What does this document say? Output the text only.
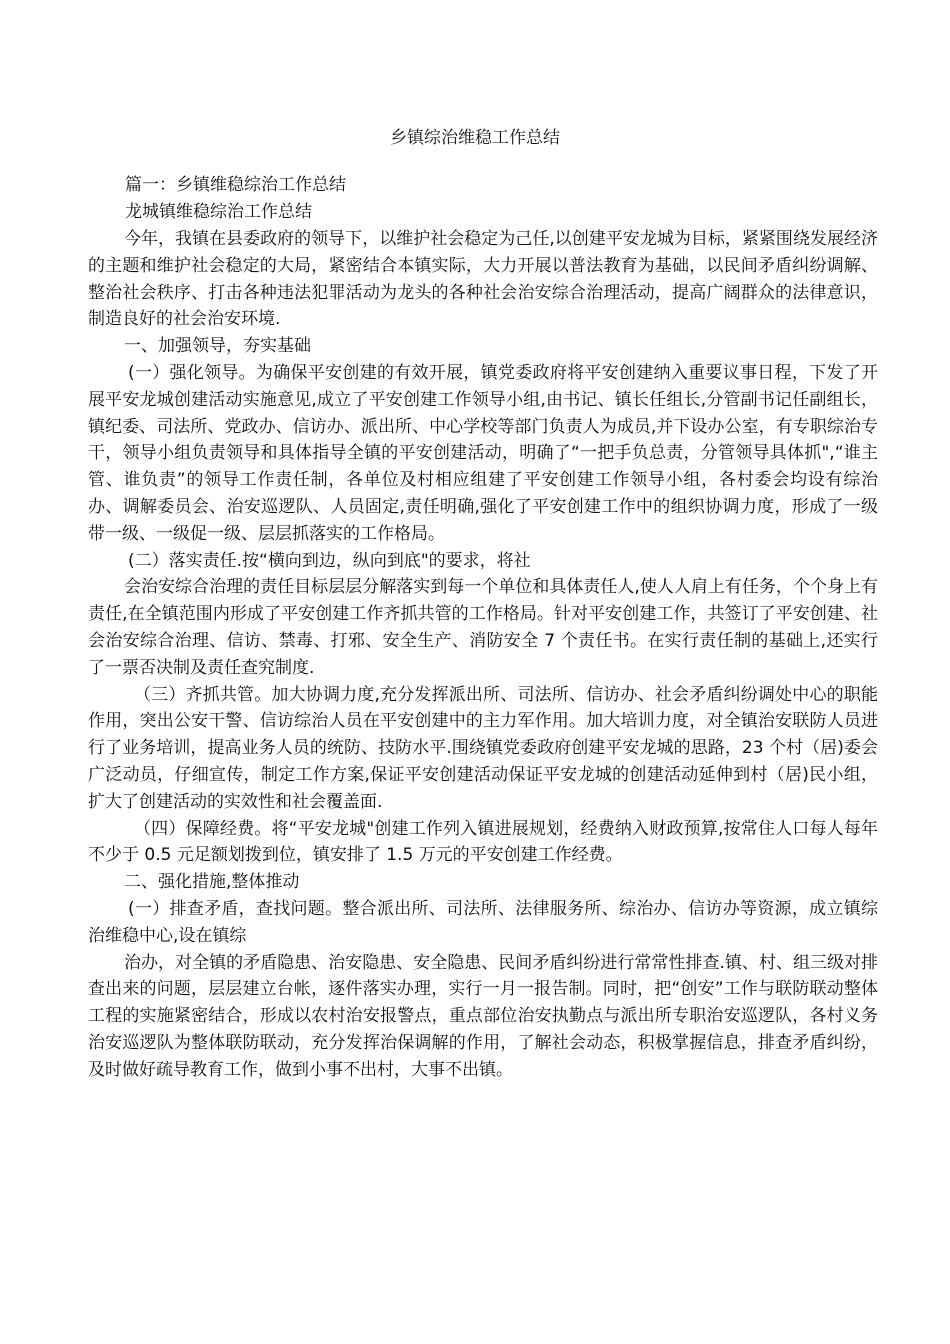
乡镇综治维稳工作总结
篇一：乡镇维稳综治工作总结
龙城镇维稳综治工作总结

今年，我镇在县委政府的领导下，以维护社会稳定为己任,以创建平安龙城为目标，紧紧围绕发展经济的主题和维护社会稳定的大局，紧密结合本镇实际，大力开展以普法教育为基础，以民间矛盾纠纷调解、整治社会秩序、打击各种违法犯罪活动为龙头的各种社会治安综合治理活动，提高广阔群众的法律意识，制造良好的社会治安环境.

一、加强领导，夯实基础

(一）强化领导。为确保平安创建的有效开展，镇党委政府将平安创建纳入重要议事日程，下发了开展平安龙城创建活动实施意见,成立了平安创建工作领导小组,由书记、镇长任组长,分管副书记任副组长，镇纪委、司法所、党政办、信访办、派出所、中心学校等部门负责人为成员,并下设办公室，有专职综治专干，领导小组负责领导和具体指导全镇的平安创建活动，明确了“一把手负总责，分管领导具体抓",“谁主管、谁负责”的领导工作责任制，各单位及村相应组建了平安创建工作领导小组，各村委会均设有综治办、调解委员会、治安巡逻队、人员固定,责任明确,强化了平安创建工作中的组织协调力度，形成了一级带一级、一级促一级、层层抓落实的工作格局。

(二）落实责任.按“横向到边，纵向到底"的要求，将社

会治安综合治理的责任目标层层分解落实到每一个单位和具体责任人,使人人肩上有任务，个个身上有责任,在全镇范围内形成了平安创建工作齐抓共管的工作格局。针对平安创建工作，共签订了平安创建、社会治安综合治理、信访、禁毒、打邪、安全生产、消防安全 7 个责任书。在实行责任制的基础上,还实行了一票否决制及责任查究制度.

（三）齐抓共管。加大协调力度,充分发挥派出所、司法所、信访办、社会矛盾纠纷调处中心的职能作用，突出公安干警、信访综治人员在平安创建中的主力军作用。加大培训力度，对全镇治安联防人员进行了业务培训，提高业务人员的统防、技防水平.围绕镇党委政府创建平安龙城的思路，23 个村（居)委会广泛动员，仔细宣传，制定工作方案,保证平安创建活动保证平安龙城的创建活动延伸到村（居)民小组，扩大了创建活动的实效性和社会覆盖面.

（四）保障经费。将“平安龙城"创建工作列入镇进展规划，经费纳入财政预算,按常住人口每人每年不少于 0.5 元足额划拨到位，镇安排了 1.5 万元的平安创建工作经费。

二、强化措施,整体推动

(一）排查矛盾，查找问题。整合派出所、司法所、法律服务所、综治办、信访办等资源，成立镇综治维稳中心,设在镇综

治办，对全镇的矛盾隐患、治安隐患、安全隐患、民间矛盾纠纷进行常常性排查.镇、村、组三级对排查出来的问题，层层建立台帐，逐件落实办理，实行一月一报告制。同时，把“创安”工作与联防联动整体工程的实施紧密结合，形成以农村治安报警点，重点部位治安执勤点与派出所专职治安巡逻队，各村义务治安巡逻队为整体联防联动，充分发挥治保调解的作用，了解社会动态，积极掌握信息，排查矛盾纠纷，及时做好疏导教育工作，做到小事不出村，大事不出镇。
